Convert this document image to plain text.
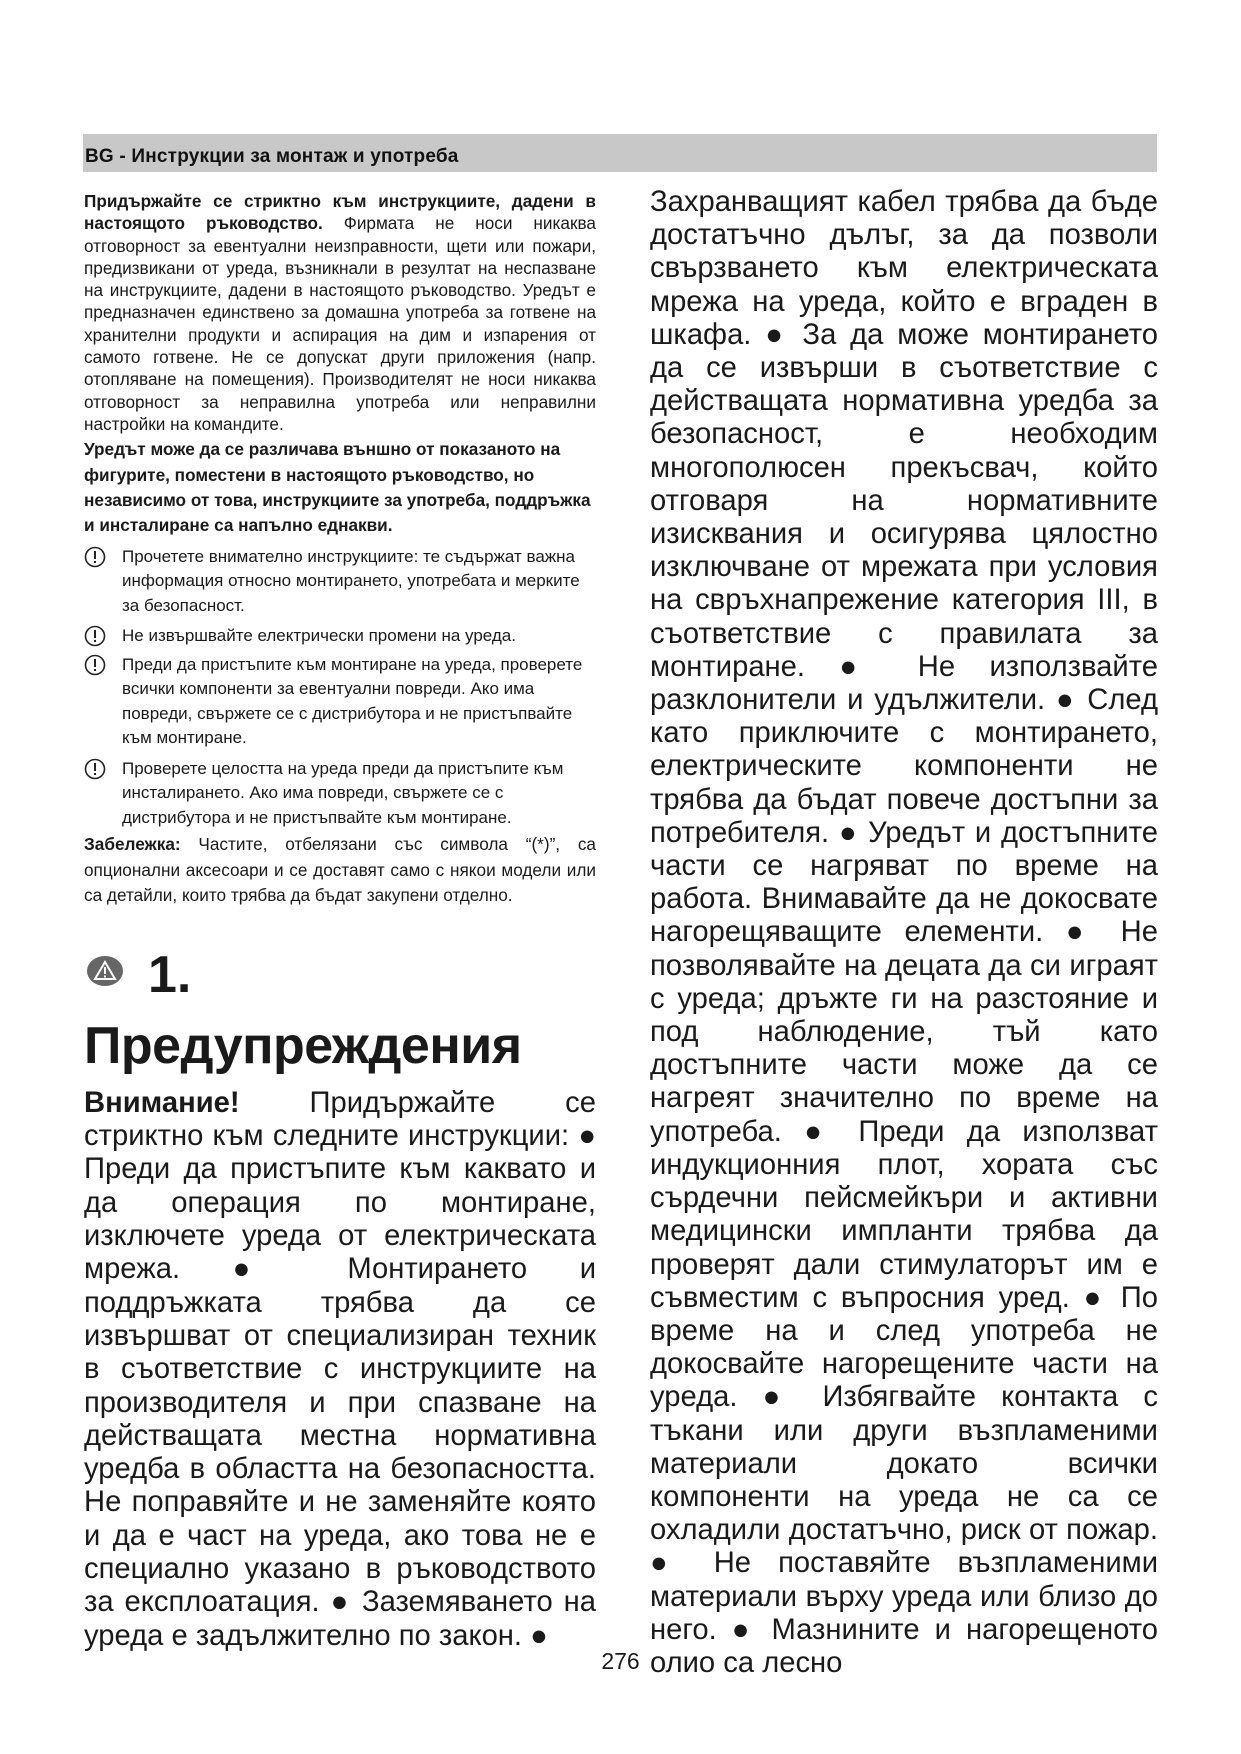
BG - Инструкции за монтаж и употреба

Придържайте се стриктно към инструкциите, дадени в настоящото ръководство. Фирмата не носи никаква отговорност за евентуални неизправности, щети или пожари, предизвикани от уреда, възникнали в резултат на неспазване на инструкциите, дадени в настоящото ръководство. Уредът е предназначен единствено за домашна употреба за готвене на хранителни продукти и аспирация на дим и изпарения от самото готвене. Не се допускат други приложения (напр. отопляване на помещения). Производителят не носи никаква отговорност за неправилна употреба или неправилни настройки на командите.

Уредът може да се различава външно от показаното на фигурите, поместени в настоящото ръководство, но независимо от това, инструкциите за употреба, поддръжка и инсталиране са напълно еднакви.

Прочетете внимателно инструкциите: те съдържат важна информация относно монтирането, употребата и мерките за безопасност.

Не извършвайте електрически промени на уреда.

Преди да пристъпите към монтиране на уреда, проверете всички компоненти за евентуални повреди. Ако има повреди, свържете се с дистрибутора и не пристъпвайте към монтиране.

Проверете целостта на уреда преди да пристъпите към инсталирането. Ако има повреди, свържете се с дистрибутора и не пристъпвайте към монтиране.

Забележка: Частите, отбелязани със символа “(*)”, са опционални аксесоари и се доставят само с някои модели или са детайли, които трябва да бъдат закупени отделно.

1.
Предупреждения

Внимание! Придържайте се стриктно към следните инструкции: ● Преди да пристъпите към каквато и да операция по монтиране, изключете уреда от електрическата мрежа. ● Монтирането и поддръжката трябва да се извършват от специализиран техник в съответствие с инструкциите на производителя и при спазване на действащата местна нормативна уредба в областта на безопасността. Не поправяйте и не заменяйте която и да е част на уреда, ако това не е специално указано в ръководството за експлоатация. ● Заземяването на уреда е задължително по закон. ●

Захранващият кабел трябва да бъде достатъчно дълъг, за да позволи свързването към електрическата мрежа на уреда, който е вграден в шкафа. ● За да може монтирането да се извърши в съответствие с действащата нормативна уредба за безопасност, е необходим многополюсен прекъсвач, който отговаря на нормативните изисквания и осигурява цялостно изключване от мрежата при условия на свръхнапрежение категория III, в съответствие с правилата за монтиране. ● Не използвайте разклонители и удължители. ● След като приключите с монтирането, електрическите компоненти не трябва да бъдат повече достъпни за потребителя. ● Уредът и достъпните части се нагряват по време на работа. Внимавайте да не докосвате нагорещяващите елементи. ● Не позволявайте на децата да си играят с уреда; дръжте ги на разстояние и под наблюдение, тъй като достъпните части може да се нагреят значително по време на употреба. ● Преди да използват индукционния плот, хората със сърдечни пейсмейкъри и активни медицински импланти трябва да проверят дали стимулаторът им е съвместим с въпросния уред. ● По време на и след употреба не докосвайте нагорещените части на уреда. ● Избягвайте контакта с тъкани или други възпламеними материали докато всички компоненти на уреда не са се охладили достатъчно, риск от пожар. ● Не поставяйте възпламеними материали върху уреда или близо до него. ● Мазнините и нагорещеното олио са лесно

276
